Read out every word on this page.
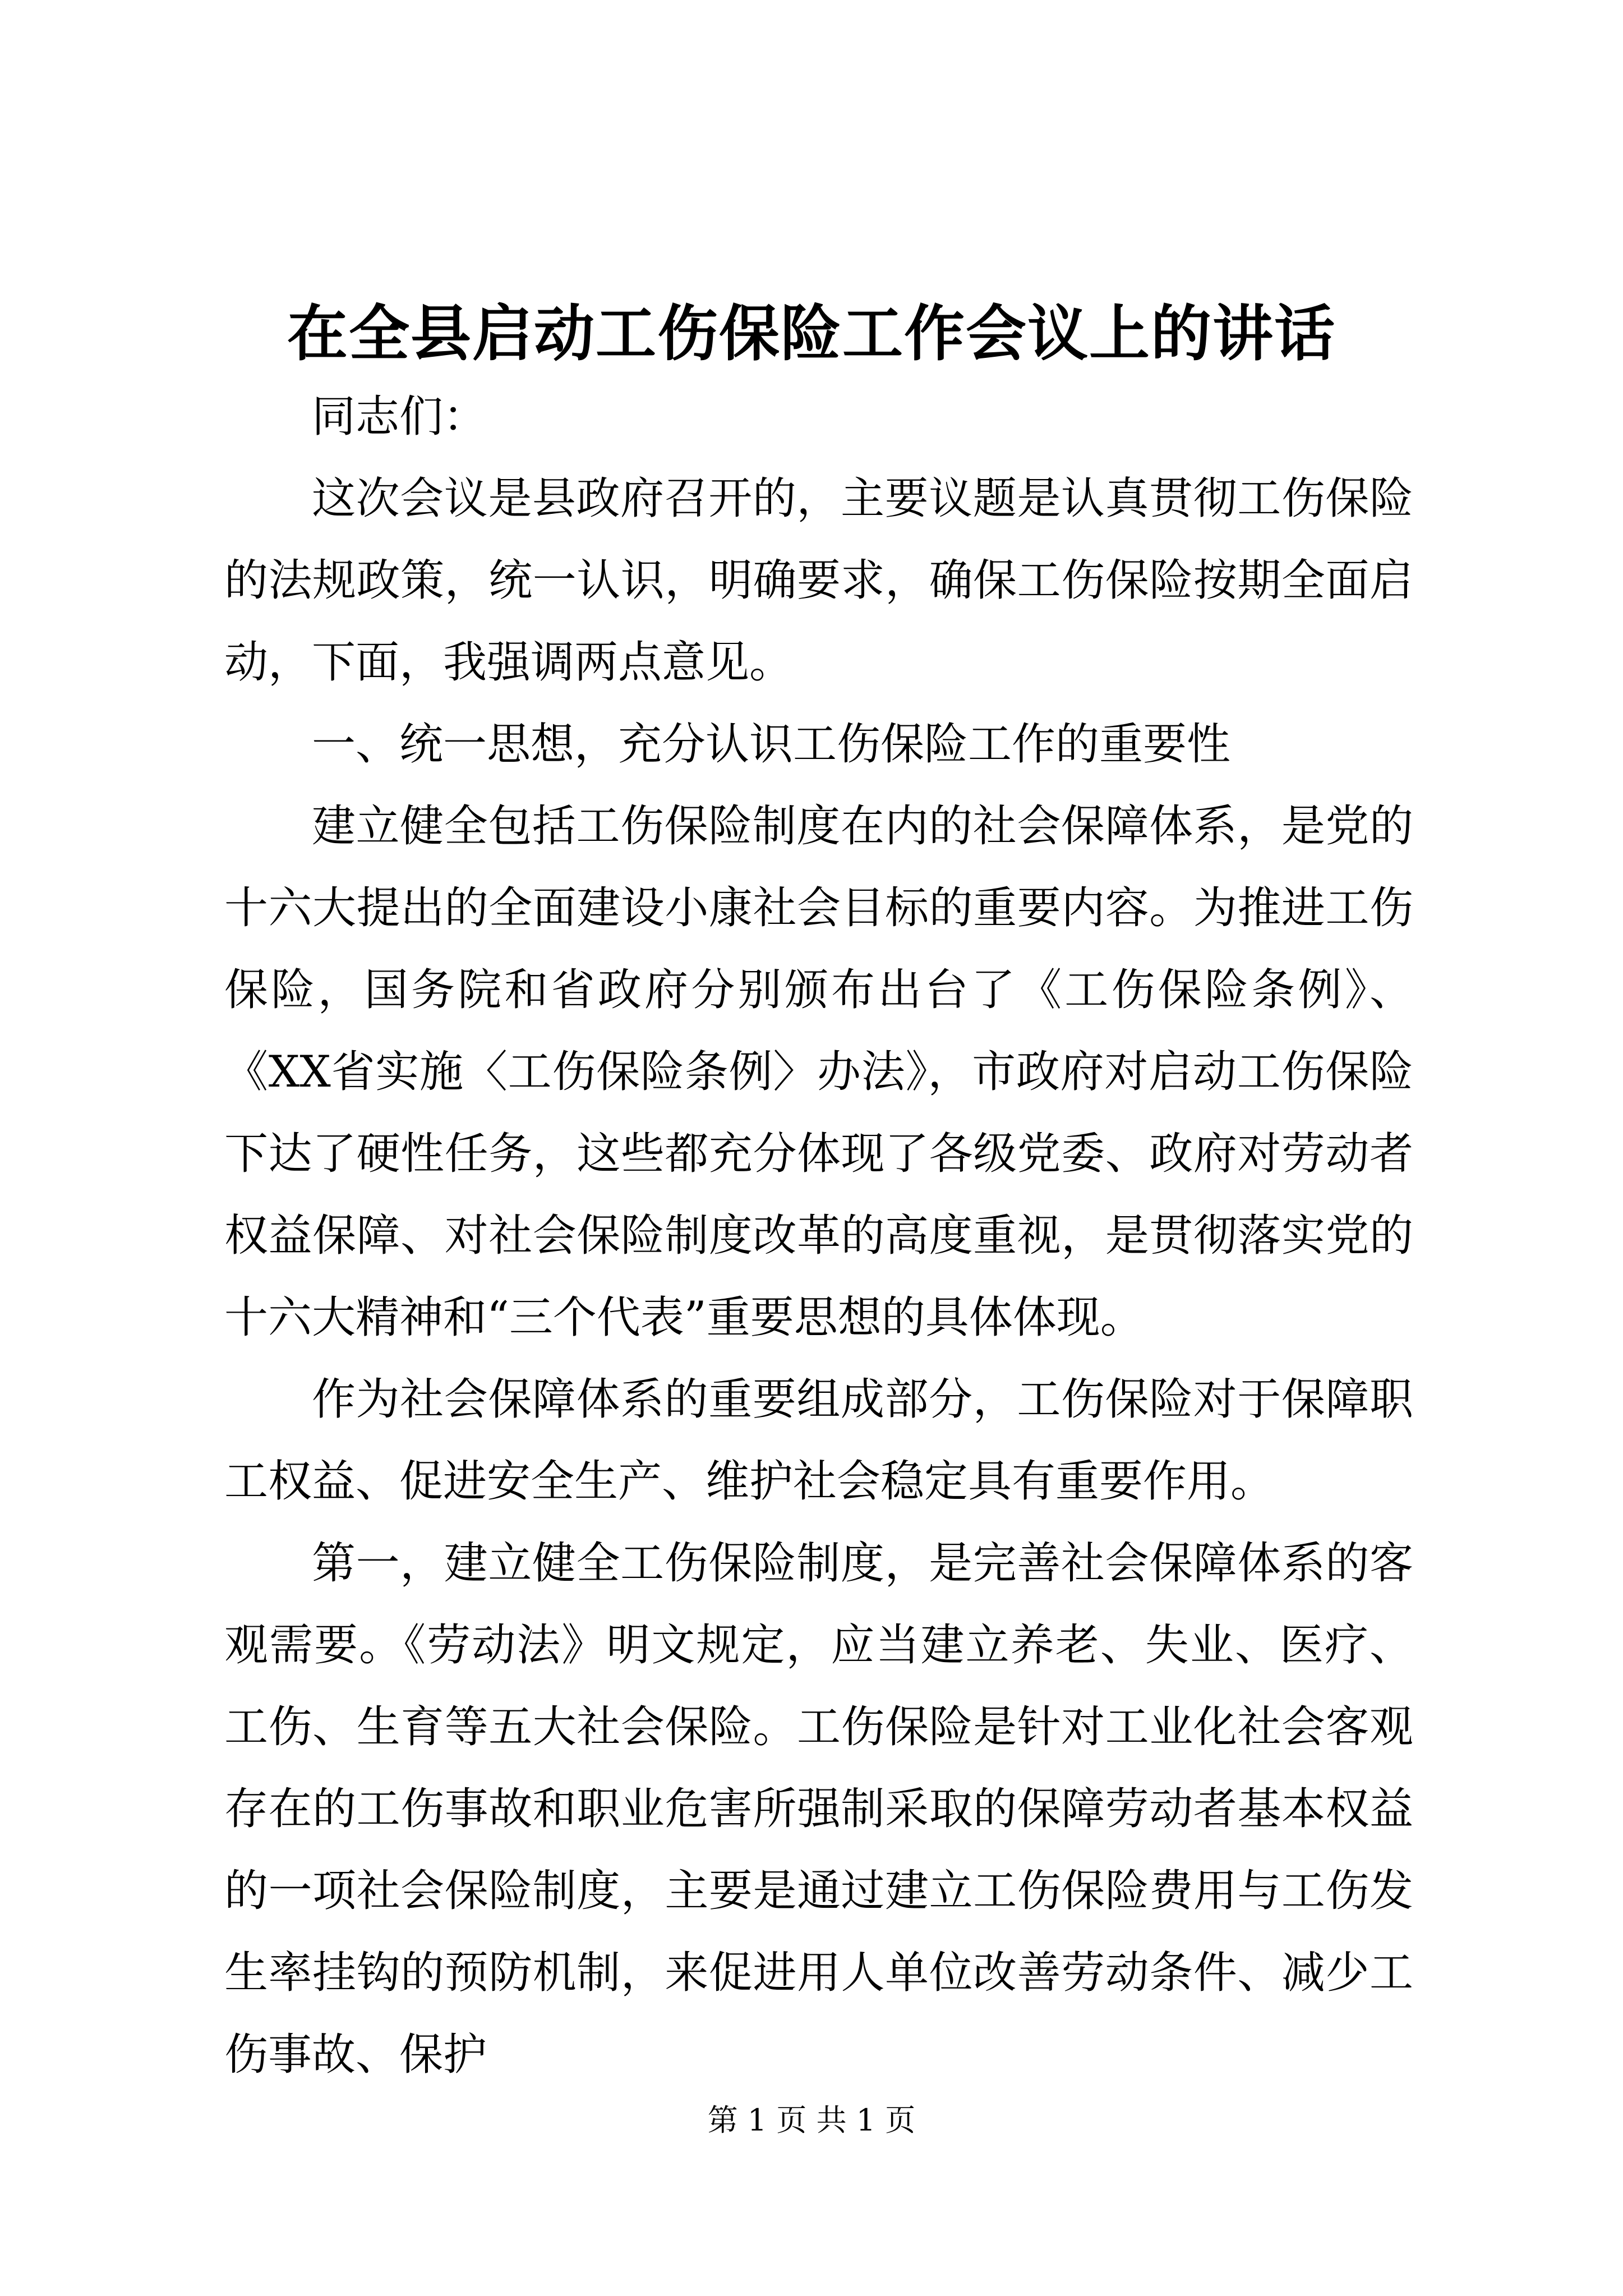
在全县启动工伤保险工作会议上的讲话

同志们：

这次会议是县政府召开的，主要议题是认真贯彻工伤保险的法规政策，统一认识，明确要求，确保工伤保险按期全面启动，下面，我强调两点意见。

一、统一思想，充分认识工伤保险工作的重要性

建立健全包括工伤保险制度在内的社会保障体系，是党的十六大提出的全面建设小康社会目标的重要内容。为推进工伤保险，国务院和省政府分别颁布出台了《工伤保险条例》、《XX省实施〈工伤保险条例〉办法》，市政府对启动工伤保险下达了硬性任务，这些都充分体现了各级党委、政府对劳动者权益保障、对社会保险制度改革的高度重视，是贯彻落实党的十六大精神和“三个代表”重要思想的具体体现。

作为社会保障体系的重要组成部分，工伤保险对于保障职工权益、促进安全生产、维护社会稳定具有重要作用。

第一，建立健全工伤保险制度，是完善社会保障体系的客观需要。《劳动法》明文规定，应当建立养老、失业、医疗、工伤、生育等五大社会保险。工伤保险是针对工业化社会客观存在的工伤事故和职业危害所强制采取的保障劳动者基本权益的一项社会保险制度，主要是通过建立工伤保险费用与工伤发生率挂钩的预防机制，来促进用人单位改善劳动条件、减少工伤事故、保护

第 1 页 共 1 页
